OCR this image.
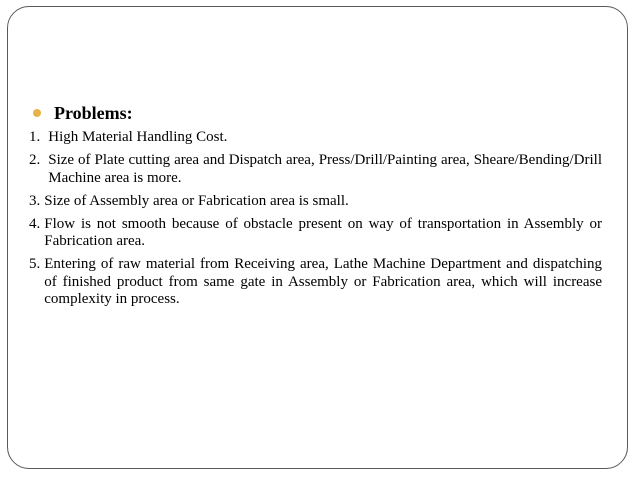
Problems:
1. High Material Handling Cost.
2. Size of Plate cutting area and Dispatch area, Press/Drill/Painting area, Sheare/Bending/Drill Machine area is more.
3. Size of Assembly area or Fabrication area is small.
4. Flow is not smooth because of obstacle present on way of transportation in Assembly or Fabrication area.
5. Entering of raw material from Receiving area, Lathe Machine Department and dispatching of finished product from same gate in Assembly or Fabrication area, which will increase complexity in process.
